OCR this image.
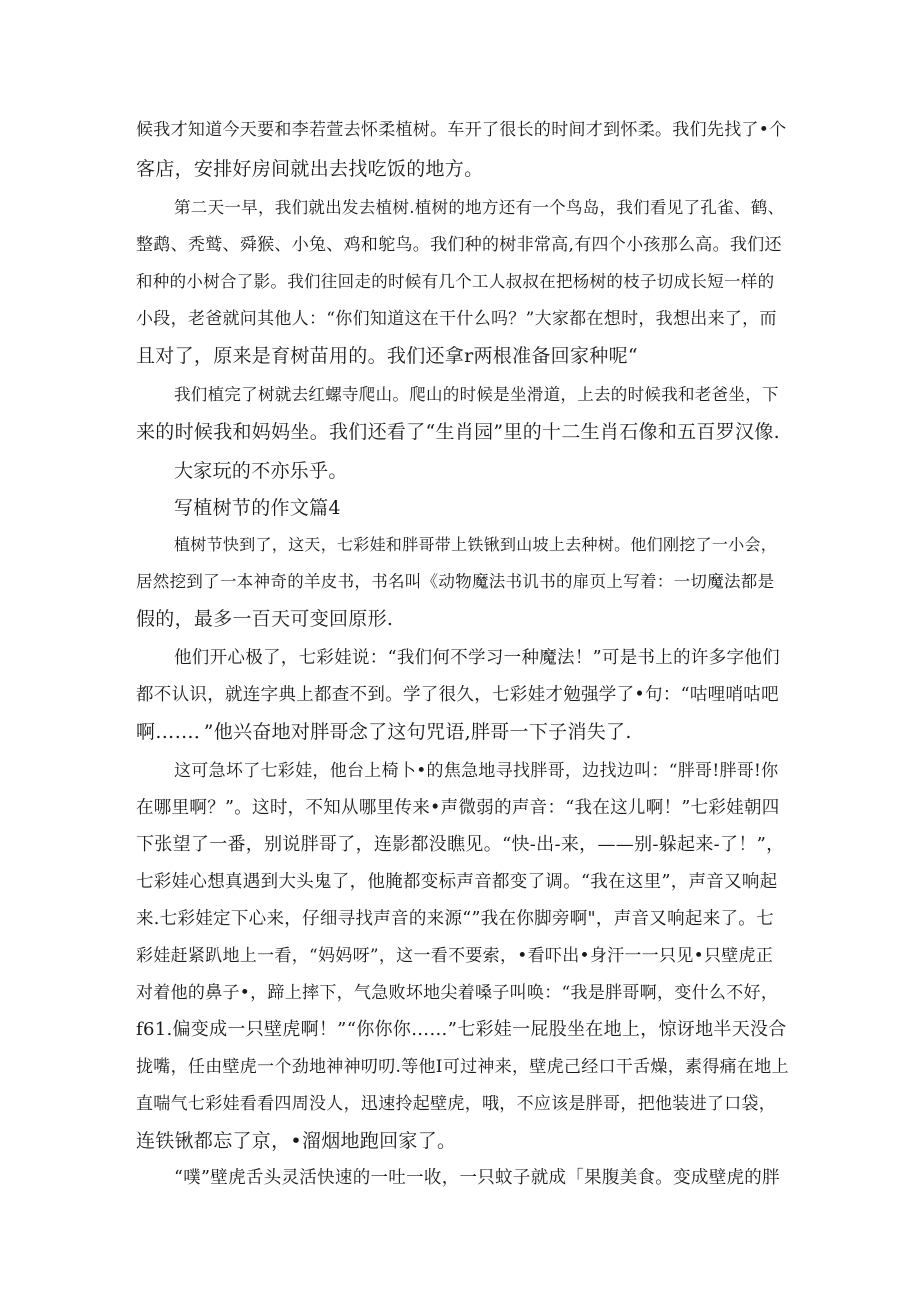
候我才知道今天要和李若萱去怀柔植树。车开了很长的时间才到怀柔。我们先找了•个
客店，安排好房间就出去找吃饭的地方。
第二天一早，我们就出发去植树.植树的地方还有一个鸟岛，我们看见了孔雀、鹤、
整鹉、秃鹫、舜猴、小兔、鸡和鸵鸟。我们种的树非常高,有四个小孩那么高。我们还
和种的小树合了影。我们往回走的时候有几个工人叔叔在把杨树的枝子切成长短一样的
小段，老爸就问其他人：“你们知道这在干什么吗？”大家都在想时，我想出来了，而
且对了，原来是育树苗用的。我们还拿r两根准备回家种呢“
我们植完了树就去红螺寺爬山。爬山的时候是坐滑道，上去的时候我和老爸坐，下
来的时候我和妈妈坐。我们还看了“生肖园”里的十二生肖石像和五百罗汉像.
大家玩的不亦乐乎。
写植树节的作文篇4
植树节快到了，这天，七彩娃和胖哥带上铁锹到山坡上去种树。他们刚挖了一小会，
居然挖到了一本神奇的羊皮书，书名叫《动物魔法书讥书的扉页上写着：一切魔法都是
假的，最多一百天可变回原形.
他们开心极了，七彩娃说：“我们何不学习一种魔法！”可是书上的许多字他们
都不认识，就连字典上都查不到。学了很久，七彩娃才勉强学了•句：“咕哩哨咕吧
啊……．”他兴奋地对胖哥念了这句咒语,胖哥一下子消失了.
这可急坏了七彩娃，他台上椅卜•的焦急地寻找胖哥，边找边叫：“胖哥!胖哥!你
在哪里啊？”。这时，不知从哪里传来•声微弱的声音：“我在这儿啊！”七彩娃朝四
下张望了一番，别说胖哥了，连影都没瞧见。“快-出-来，——别-躲起来-了！”，
七彩娃心想真遇到大头鬼了，他腌都变标声音都变了调。“我在这里”，声音又响起
来.七彩娃定下心来，仔细寻找声音的来源“”我在你脚旁啊"，声音又响起来了。七
彩娃赶紧趴地上一看，“妈妈呀”，这一看不要索，•看吓出•身汗一一只见•只壁虎正
对着他的鼻子•，蹄上摔下，气急败坏地尖着嗓子叫唤：“我是胖哥啊，变什么不好，
f61.偏变成一只壁虎啊！”“你你你……”七彩娃一屁股坐在地上，惊讶地半天没合
拢嘴，任由壁虎一个劲地神神叨叨.等他I可过神来，壁虎己经口干舌燥，素得痛在地上
直喘气七彩娃看看四周没人，迅速拎起壁虎，哦，不应该是胖哥，把他装进了口袋，
连铁锹都忘了京，•溜烟地跑回家了。
“噗”壁虎舌头灵活快速的一吐一收，一只蚊子就成「果腹美食。变成壁虎的胖
